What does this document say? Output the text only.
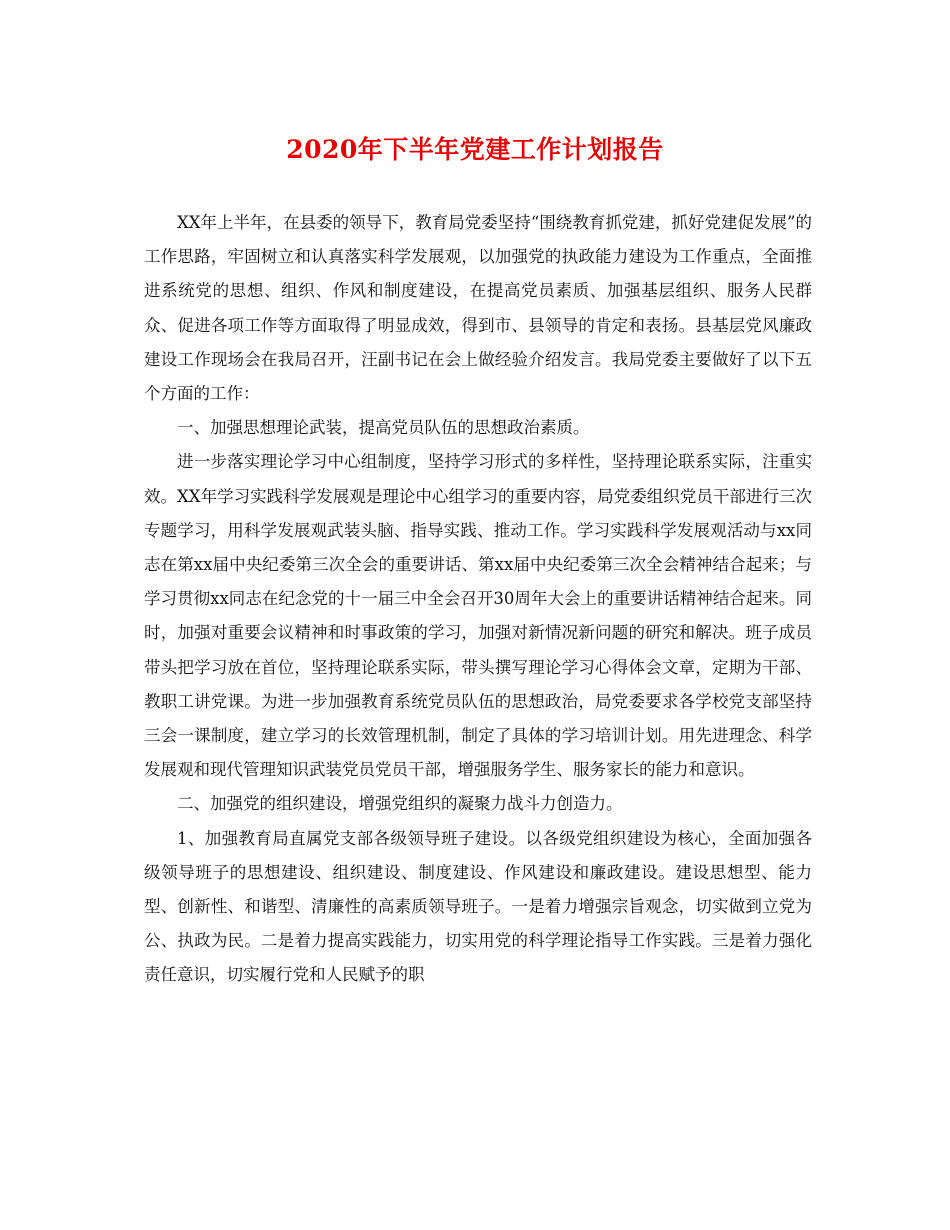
2020年下半年党建工作计划报告

XX年上半年，在县委的领导下，教育局党委坚持“围绕教育抓党建，抓好党建促发展”的工作思路，牢固树立和认真落实科学发展观，以加强党的执政能力建设为工作重点，全面推进系统党的思想、组织、作风和制度建设，在提高党员素质、加强基层组织、服务人民群众、促进各项工作等方面取得了明显成效，得到市、县领导的肯定和表扬。县基层党风廉政建设工作现场会在我局召开，汪副书记在会上做经验介绍发言。我局党委主要做好了以下五个方面的工作：

一、加强思想理论武装，提高党员队伍的思想政治素质。

进一步落实理论学习中心组制度，坚持学习形式的多样性，坚持理论联系实际，注重实效。XX年学习实践科学发展观是理论中心组学习的重要内容，局党委组织党员干部进行三次专题学习，用科学发展观武装头脑、指导实践、推动工作。学习实践科学发展观活动与xx同志在第xx届中央纪委第三次全会的重要讲话、第xx届中央纪委第三次全会精神结合起来；与学习贯彻xx同志在纪念党的十一届三中全会召开30周年大会上的重要讲话精神结合起来。同时，加强对重要会议精神和时事政策的学习，加强对新情况新问题的研究和解决。班子成员带头把学习放在首位，坚持理论联系实际，带头撰写理论学习心得体会文章，定期为干部、教职工讲党课。为进一步加强教育系统党员队伍的思想政治，局党委要求各学校党支部坚持三会一课制度，建立学习的长效管理机制，制定了具体的学习培训计划。用先进理念、科学发展观和现代管理知识武装党员党员干部，增强服务学生、服务家长的能力和意识。

二、加强党的组织建设，增强党组织的凝聚力战斗力创造力。

1、加强教育局直属党支部各级领导班子建设。以各级党组织建设为核心，全面加强各级领导班子的思想建设、组织建设、制度建设、作风建设和廉政建设。建设思想型、能力型、创新性、和谐型、清廉性的高素质领导班子。一是着力增强宗旨观念，切实做到立党为公、执政为民。二是着力提高实践能力，切实用党的科学理论指导工作实践。三是着力强化责任意识，切实履行党和人民赋予的职
